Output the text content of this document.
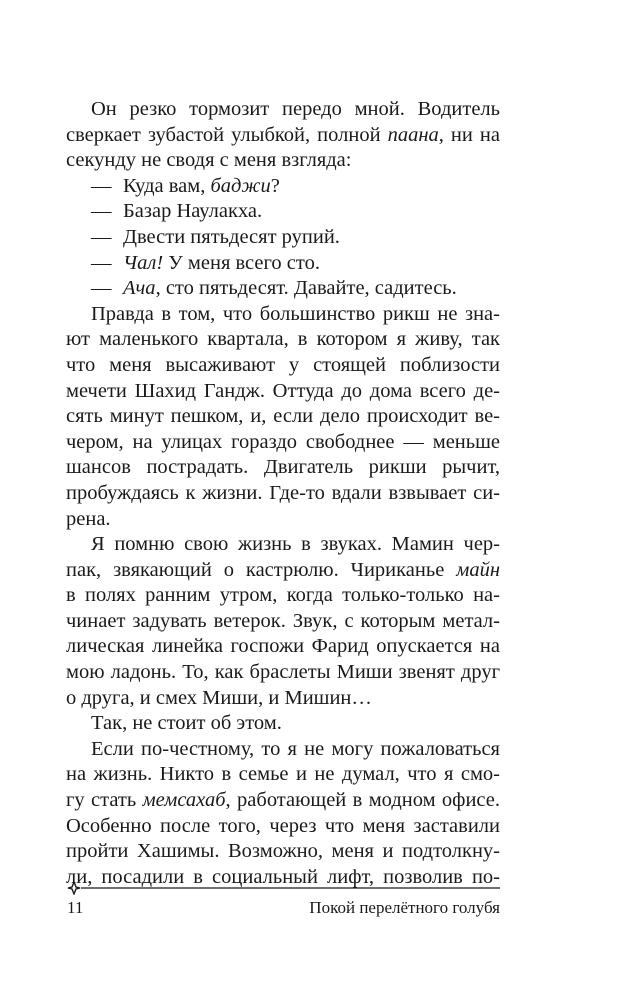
Он резко тормозит передо мной. Водитель
сверкает зубастой улыбкой, полной паана, ни на
секунду не сводя с меня взгляда:
— Куда вам, баджи?
— Базар Наулакха.
— Двести пятьдесят рупий.
— Чал! У меня всего сто.
— Ача, сто пятьдесят. Давайте, садитесь.
Правда в том, что большинство рикш не зна-
ют маленького квартала, в котором я живу, так
что меня высаживают у стоящей поблизости
мечети Шахид Гандж. Оттуда до дома всего де-
сять минут пешком, и, если дело происходит ве-
чером, на улицах гораздо свободнее — меньше
шансов пострадать. Двигатель рикши рычит,
пробуждаясь к жизни. Где-то вдали взвывает си-
рена.
Я помню свою жизнь в звуках. Мамин чер-
пак, звякающий о кастрюлю. Чириканье майн
в полях ранним утром, когда только-только на-
чинает задувать ветерок. Звук, с которым метал-
лическая линейка госпожи Фарид опускается на
мою ладонь. То, как браслеты Миши звенят друг
о друга, и смех Миши, и Мишин…
Так, не стоит об этом.
Если по-честному, то я не могу пожаловаться
на жизнь. Никто в семье и не думал, что я смо-
гу стать мемсахаб, работающей в модном офисе.
Особенно после того, через что меня заставили
пройти Хашимы. Возможно, меня и подтолкну-
ли, посадили в социальный лифт, позволив по-
11	Покой перелётного голубя
